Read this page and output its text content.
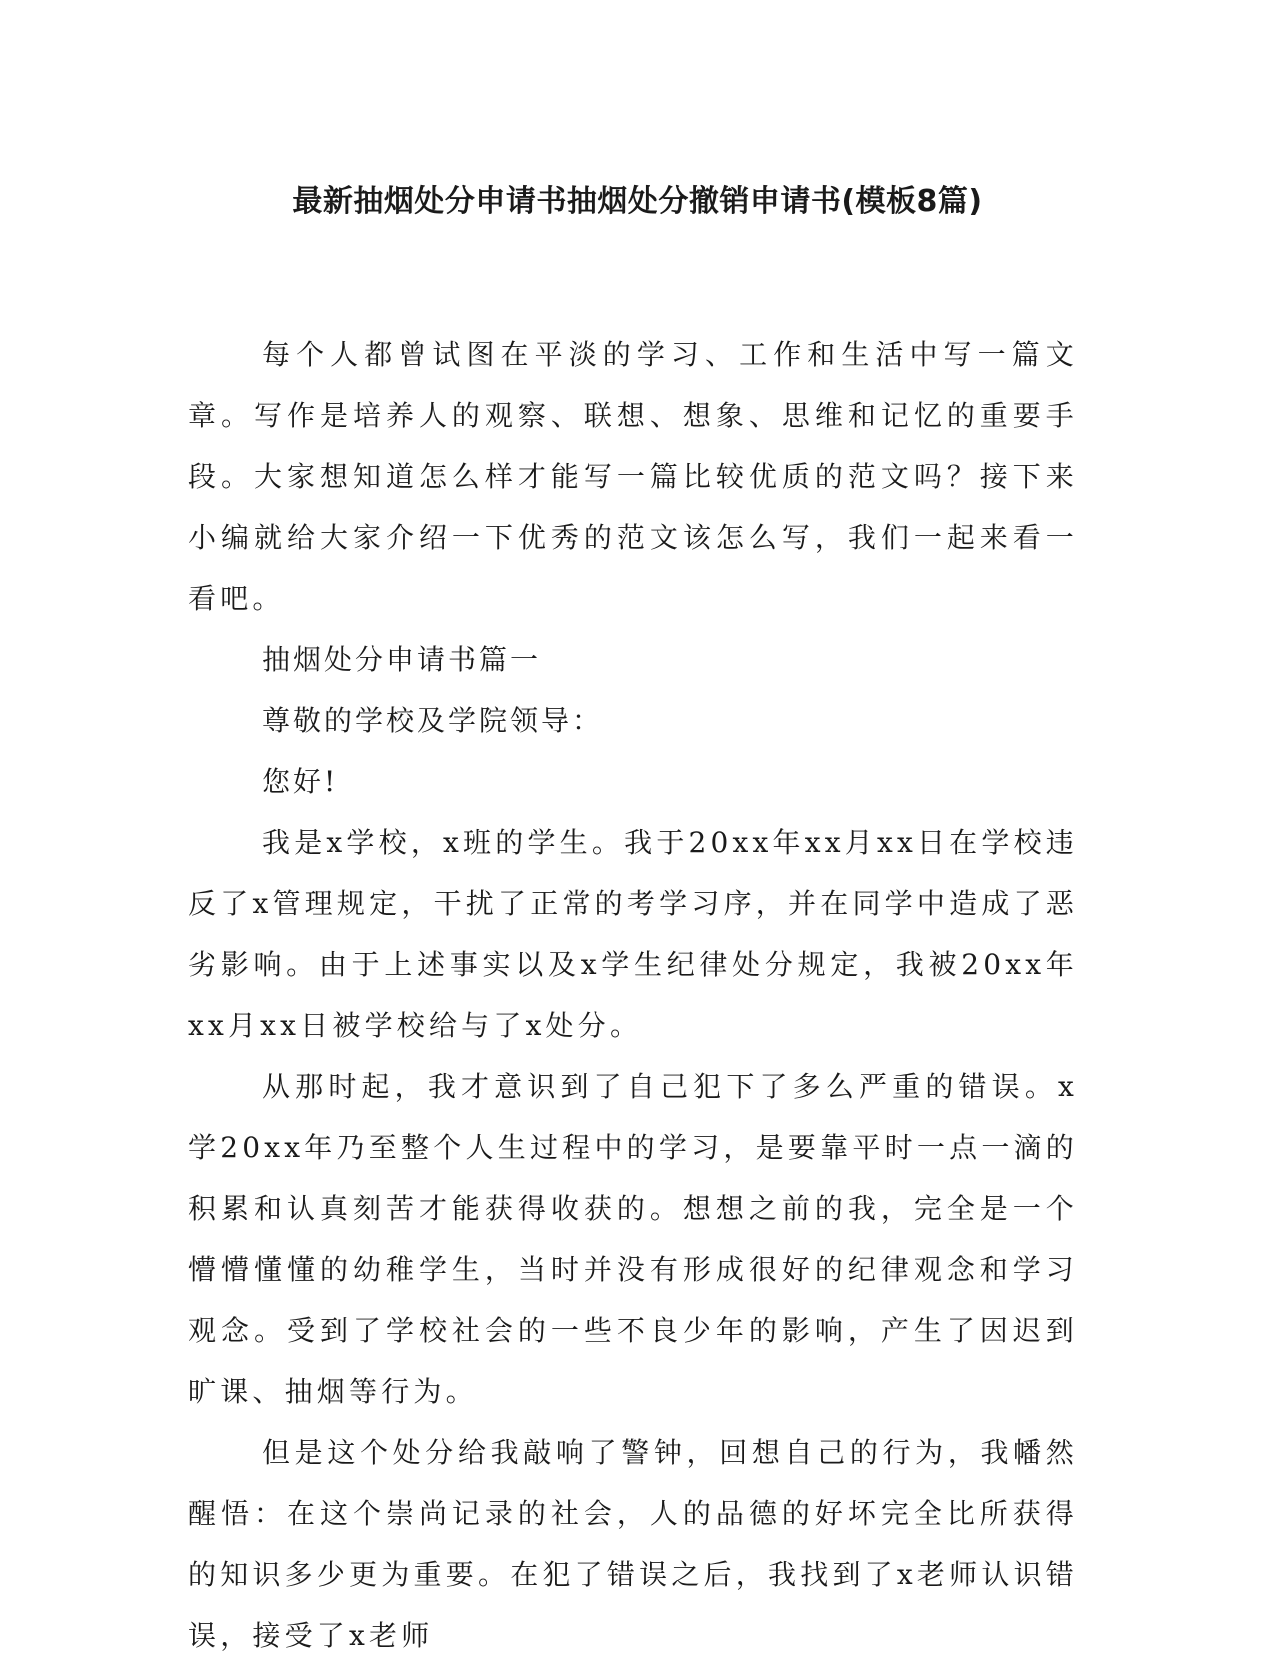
最新抽烟处分申请书抽烟处分撤销申请书(模板8篇)

每个人都曾试图在平淡的学习、工作和生活中写一篇文章。写作是培养人的观察、联想、想象、思维和记忆的重要手段。大家想知道怎么样才能写一篇比较优质的范文吗？接下来小编就给大家介绍一下优秀的范文该怎么写，我们一起来看一看吧。

抽烟处分申请书篇一

尊敬的学校及学院领导：

您好!

我是x学校，x班的学生。我于20xx年xx月xx日在学校违反了x管理规定，干扰了正常的考学习序，并在同学中造成了恶劣影响。由于上述事实以及x学生纪律处分规定，我被20xx年xx月xx日被学校给与了x处分。

从那时起，我才意识到了自己犯下了多么严重的错误。x学20xx年乃至整个人生过程中的学习，是要靠平时一点一滴的积累和认真刻苦才能获得收获的。想想之前的我，完全是一个懵懵懂懂的幼稚学生，当时并没有形成很好的纪律观念和学习观念。受到了学校社会的一些不良少年的影响，产生了因迟到旷课、抽烟等行为。

但是这个处分给我敲响了警钟，回想自己的行为，我幡然醒悟：在这个崇尚记录的社会，人的品德的好坏完全比所获得的知识多少更为重要。在犯了错误之后，我找到了x老师认识错误，接受了x老师
